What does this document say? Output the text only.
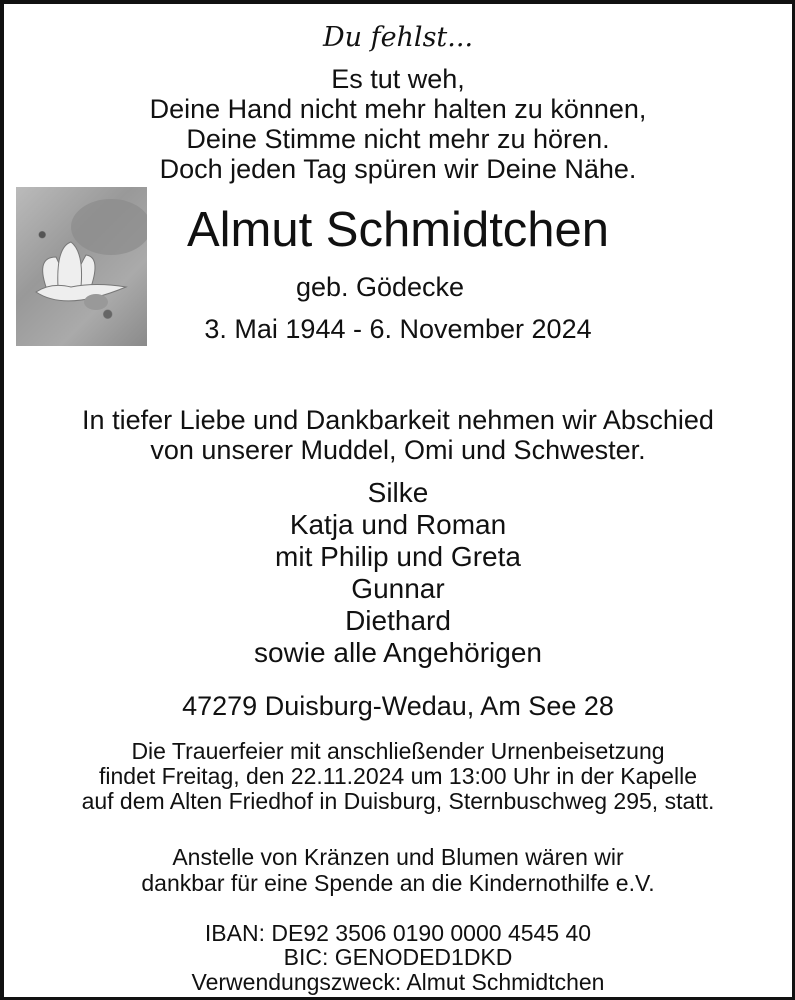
Du fehlst...
Es tut weh,
Deine Hand nicht mehr halten zu können,
Deine Stimme nicht mehr zu hören.
Doch jeden Tag spüren wir Deine Nähe.
Almut Schmidtchen
geb. Gödecke
3. Mai 1944 - 6. November 2024
In tiefer Liebe und Dankbarkeit nehmen wir Abschied
von unserer Muddel, Omi und Schwester.
Silke
Katja und Roman
mit Philip und Greta
Gunnar
Diethard
sowie alle Angehörigen
47279 Duisburg-Wedau, Am See 28
Die Trauerfeier mit anschließender Urnenbeisetzung
findet Freitag, den 22.11.2024 um 13:00 Uhr in der Kapelle
auf dem Alten Friedhof in Duisburg, Sternbuschweg 295, statt.
Anstelle von Kränzen und Blumen wären wir
dankbar für eine Spende an die Kindernothilfe e.V.
IBAN: DE92 3506 0190 0000 4545 40
BIC: GENODED1DKD
Verwendungszweck: Almut Schmidtchen
